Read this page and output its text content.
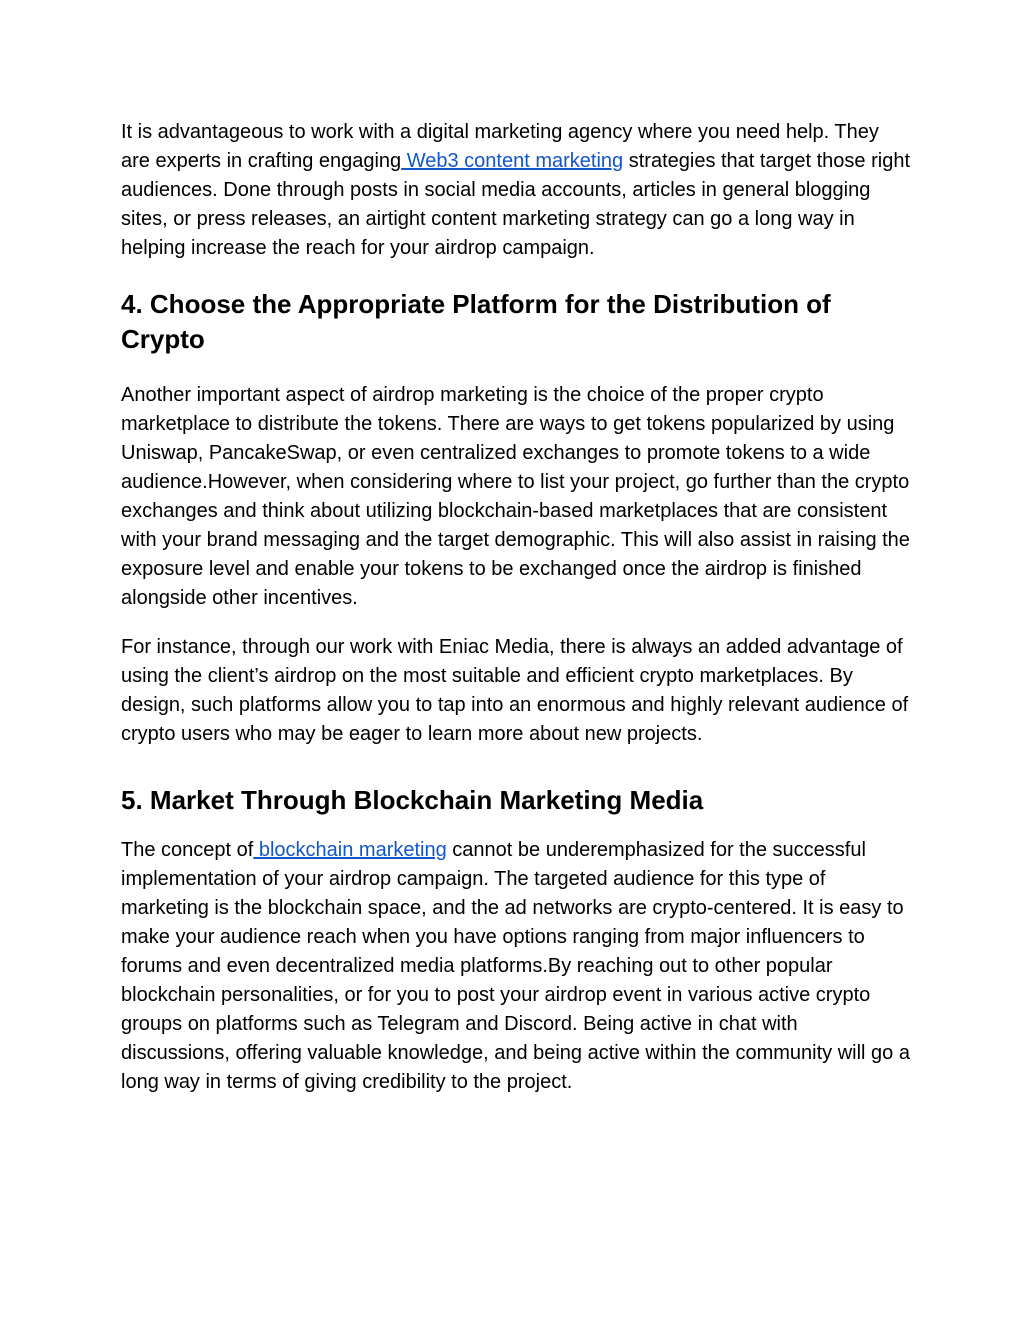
It is advantageous to work with a digital marketing agency where you need help. They are experts in crafting engaging Web3 content marketing strategies that target those right audiences. Done through posts in social media accounts, articles in general blogging sites, or press releases, an airtight content marketing strategy can go a long way in helping increase the reach for your airdrop campaign.

4. Choose the Appropriate Platform for the Distribution of Crypto

Another important aspect of airdrop marketing is the choice of the proper crypto marketplace to distribute the tokens. There are ways to get tokens popularized by using Uniswap, PancakeSwap, or even centralized exchanges to promote tokens to a wide audience.However, when considering where to list your project, go further than the crypto exchanges and think about utilizing blockchain-based marketplaces that are consistent with your brand messaging and the target demographic. This will also assist in raising the exposure level and enable your tokens to be exchanged once the airdrop is finished alongside other incentives.

For instance, through our work with Eniac Media, there is always an added advantage of using the client’s airdrop on the most suitable and efficient crypto marketplaces. By design, such platforms allow you to tap into an enormous and highly relevant audience of crypto users who may be eager to learn more about new projects.

5. Market Through Blockchain Marketing Media

The concept of blockchain marketing cannot be underemphasized for the successful implementation of your airdrop campaign. The targeted audience for this type of marketing is the blockchain space, and the ad networks are crypto-centered. It is easy to make your audience reach when you have options ranging from major influencers to forums and even decentralized media platforms.By reaching out to other popular blockchain personalities, or for you to post your airdrop event in various active crypto groups on platforms such as Telegram and Discord. Being active in chat with discussions, offering valuable knowledge, and being active within the community will go a long way in terms of giving credibility to the project.
